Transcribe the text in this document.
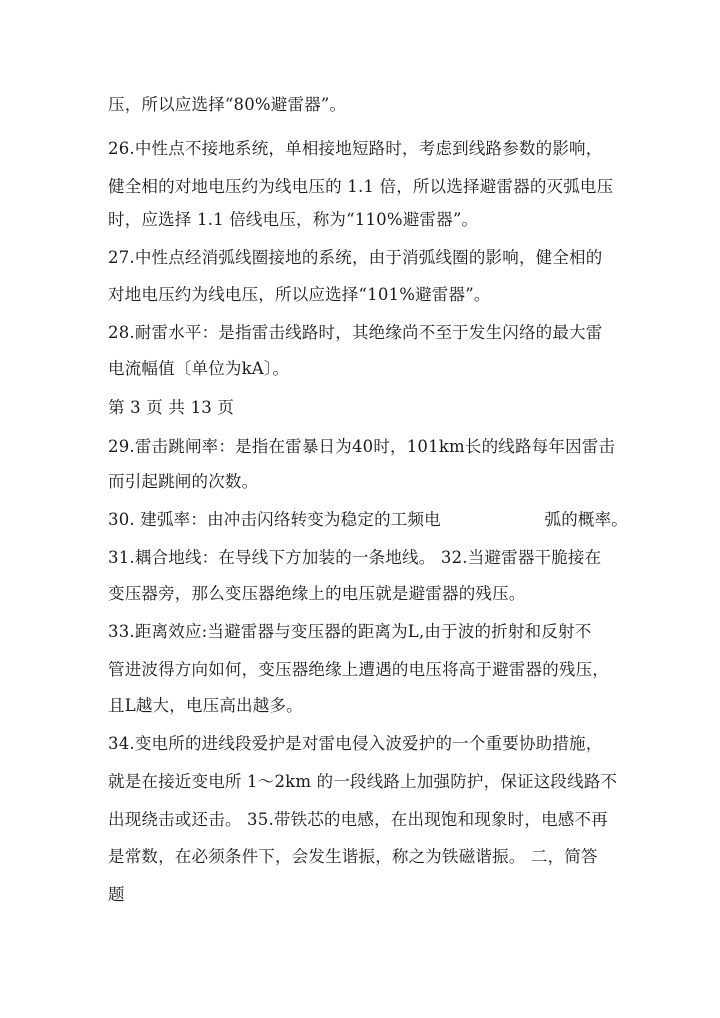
压，所以应选择“80%避雷器”。
26.中性点不接地系统，单相接地短路时，考虑到线路参数的影响，
健全相的对地电压约为线电压的 1.1 倍，所以选择避雷器的灭弧电压
时，应选择 1.1 倍线电压，称为“110%避雷器”。
27.中性点经消弧线圈接地的系统，由于消弧线圈的影响，健全相的
对地电压约为线电压，所以应选择“101%避雷器”。
28.耐雷水平：是指雷击线路时，其绝缘尚不至于发生闪络的最大雷
电流幅值〔单位为kA〕。
第 3 页 共 13 页
29.雷击跳闸率：是指在雷暴日为40时，101km长的线路每年因雷击
而引起跳闸的次数。
30. 建弧率：由冲击闪络转变为稳定的工频电	弧的概率。
31.耦合地线：在导线下方加装的一条地线。 32.当避雷器干脆接在
变压器旁，那么变压器绝缘上的电压就是避雷器的残压。
33.距离效应:当避雷器与变压器的距离为L,由于波的折射和反射不
管进波得方向如何，变压器绝缘上遭遇的电压将高于避雷器的残压，
且L越大，电压高出越多。
34.变电所的进线段爱护是对雷电侵入波爱护的一个重要协助措施，
就是在接近变电所 1～2km 的一段线路上加强防护，保证这段线路不
出现绕击或还击。 35.带铁芯的电感，在出现饱和现象时，电感不再
是常数，在必须条件下，会发生谐振，称之为铁磁谐振。 二，简答
题
